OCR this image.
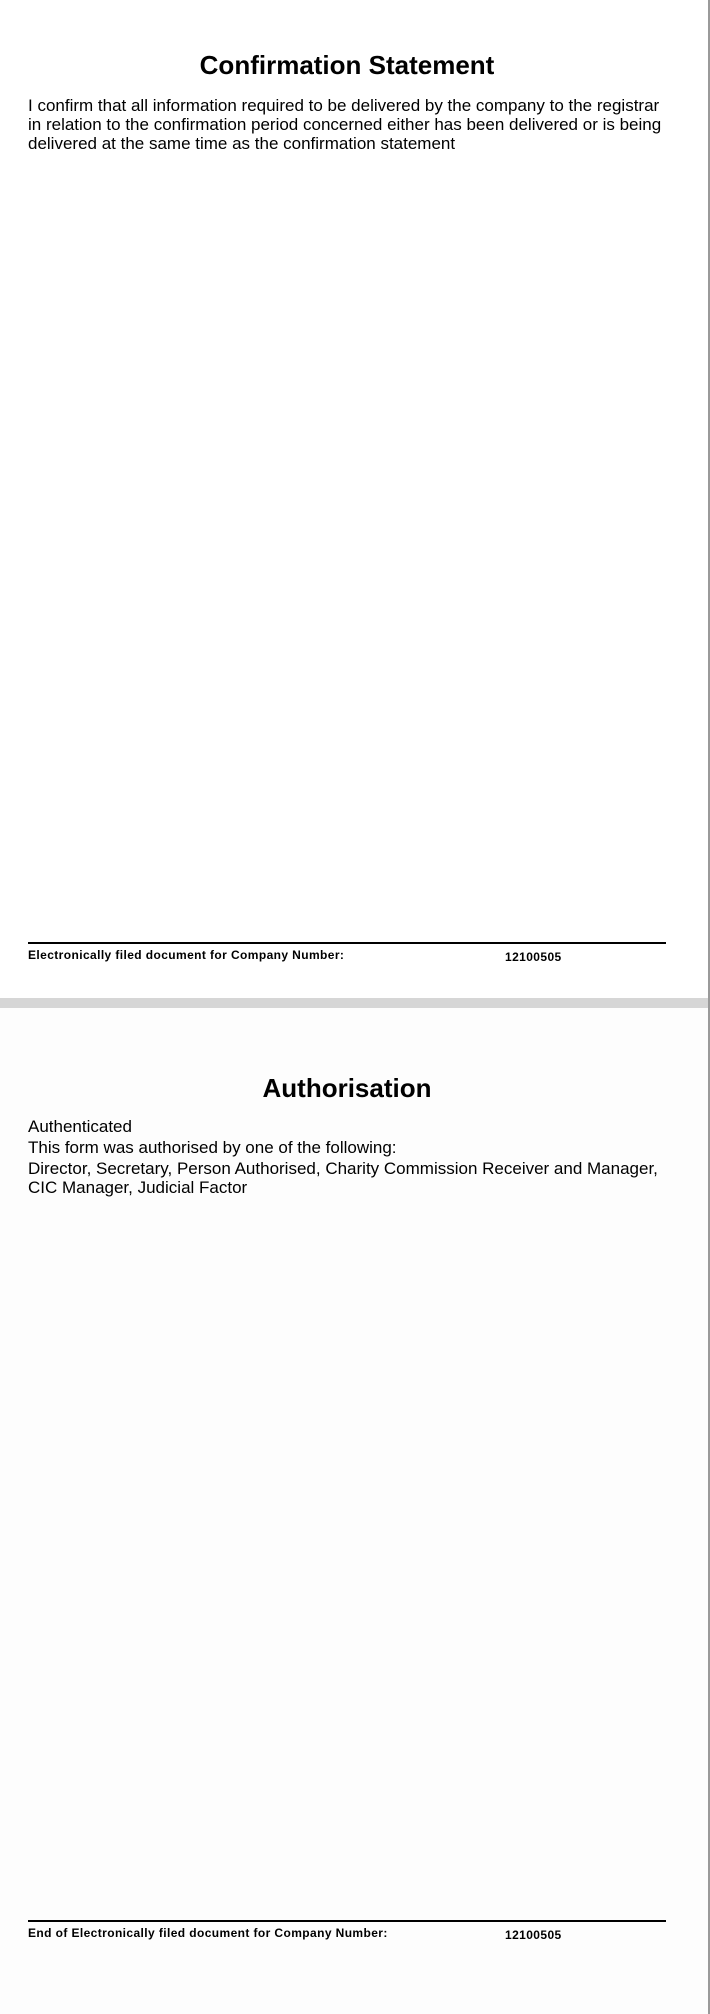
Confirmation Statement

I confirm that all information required to be delivered by the company to the registrar in relation to the confirmation period concerned either has been delivered or is being delivered at the same time as the confirmation statement

Electronically filed document for Company Number:	12100505
Authorisation

Authenticated

This form was authorised by one of the following:

Director, Secretary, Person Authorised, Charity Commission Receiver and Manager, CIC Manager, Judicial Factor

End of Electronically filed document for Company Number:	12100505
